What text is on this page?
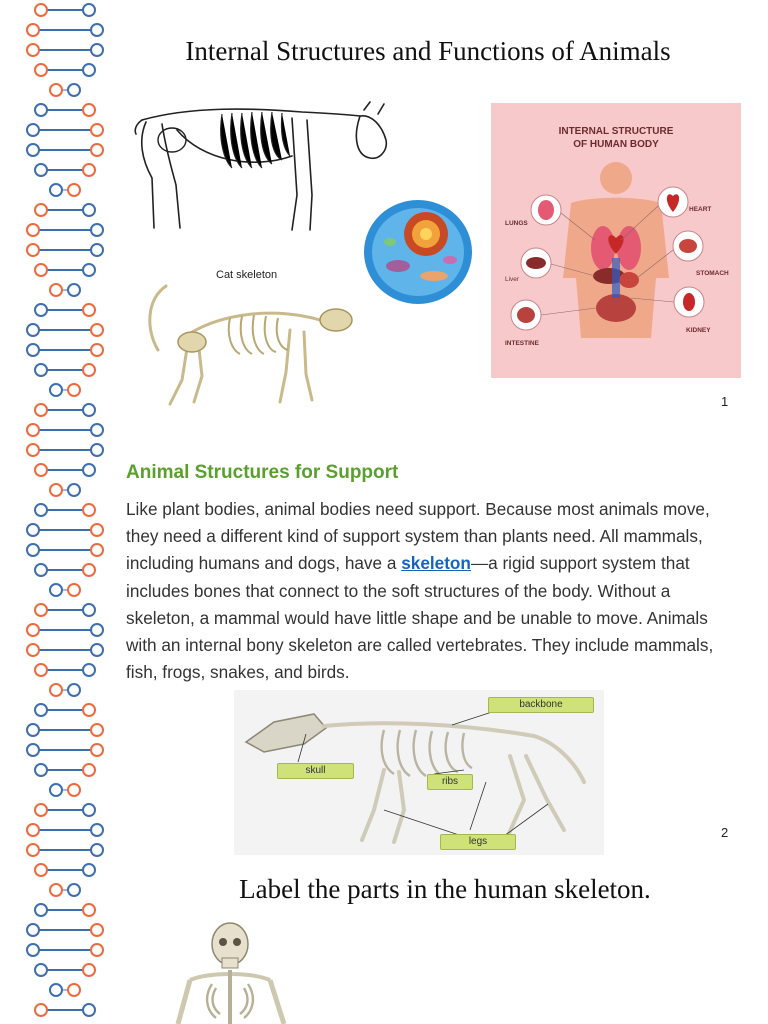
Internal Structures and Functions of Animals
Cat skeleton
INTERNAL STRUCTURE
OF HUMAN BODY
LUNGS
HEART
Liver
STOMACH
KIDNEY
INTESTINE
1
Animal Structures for Support
Like plant bodies, animal bodies need support. Because most animals move, they need a different kind of support system than plants need. All mammals, including humans and dogs, have a skeleton—a rigid support system that includes bones that connect to the soft structures of the body. Without a skeleton, a mammal would have little shape and be unable to move. Animals with an internal bony skeleton are called vertebrates. They include mammals, fish, frogs, snakes, and birds.
backbone
skull
ribs
legs
2
Label the parts in the human skeleton.
